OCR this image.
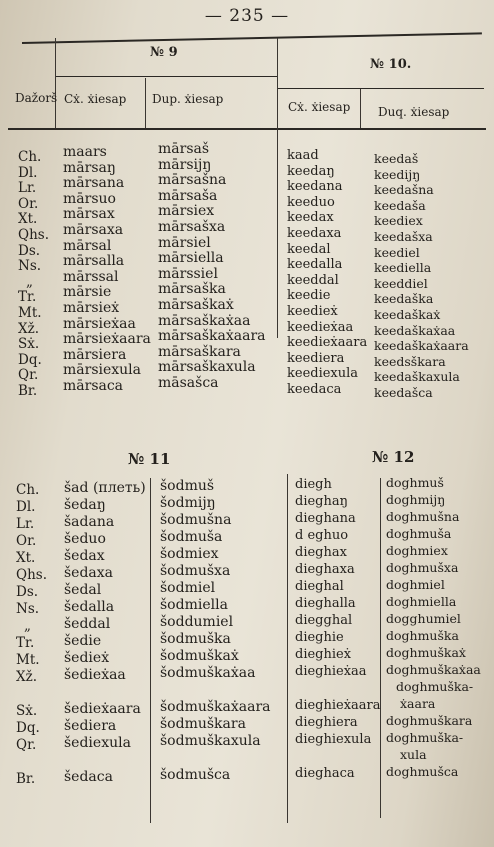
— 235 —
Dažorš
№ 9
№ 10.
Cẋ. ẋiesap Dup. ẋiesap
Cẋ. ẋiesap Duq. ẋiesap
Ch.
Dl.
Lr.
Or.
Xt.
Qhs.
Ds.
Ns.
„
Tr.
Mt.
Xž.
Sẋ.
Dq.
Qr.
Br.
maars
mārsaŋ
mārsana
mārsuo
mārsax
mārsaxa
mārsal
mārsalla
mārssal
mārsie
mārsieẋ
mārsieẋaa
mārsieẋaara
mārsiera
mārsiexula
mārsaca
mārsaš
mārsijŋ
mārsašna
mārsaša
mārsiex
mārsašxa
mārsiel
mārsiella
mārssiel
mārsaška
mārsaškaẋ
mārsaškaẋaa
mārsaškaẋaara
mārsaškara
mārsaškaxula
māsašca
kaad
keedaŋ
keedana
keeduo
keedax
keedaxa
keedal
keedalla
keeddal
keedie
keedieẋ
keedieẋaa
keedieẋaara
keediera
keediexula
keedaca
keedaš
keedijŋ
keedašna
keedaša
keediex
keedašxa
keediel
keediella
keeddiel
keedaška
keedaškaẋ
keedaškaẋaa
keedaškaẋaara
keedsškara
keedaškaxula
keedašca
№ 11	№ 12
Ch.
Dl.
Lr.
Or.
Xt.
Qhs.
Ds.
Ns.
„
Tr.
Mt.
Xž.
Sẋ.
Dq.
Qr.
Br.
šad (плеть)
šedaŋ
šadana
šeduo
šedax
šedaxa
šedal
šedalla
šeddal
šedie
šedieẋ
šedieẋaa
šedieẋaara
šediera
šediexula
šedaca
šodmuš
šodmijŋ
šodmušna
šodmuša
šodmiex
šodmušxa
šodmiel
šodmiella
šoddumiel
šodmuška
šodmuškaẋ
šodmuškaẋaa
šodmuškaẋaara
šodmuškara
šodmuškaxula
šodmušca
diegh
dieghaŋ
dieghana
d eghuo
dieghax
dieghaxa
dieghal
dieghalla
diegghal
dieghie
dieghieẋ
dieghieẋaa
dieghieẋaara
dieghiera
dieghiexula
dieghaca
doghmuš
doghmijŋ
doghmušna
doghmuša
doghmiex
doghmušxa
doghmiel
doghmiella
dogghumiel
doghmuška
doghmuškaẋ
doghmuškaẋaa
doghmuška-
ẋaara
doghmuškara
doghmuška-
xula
doghmušca
